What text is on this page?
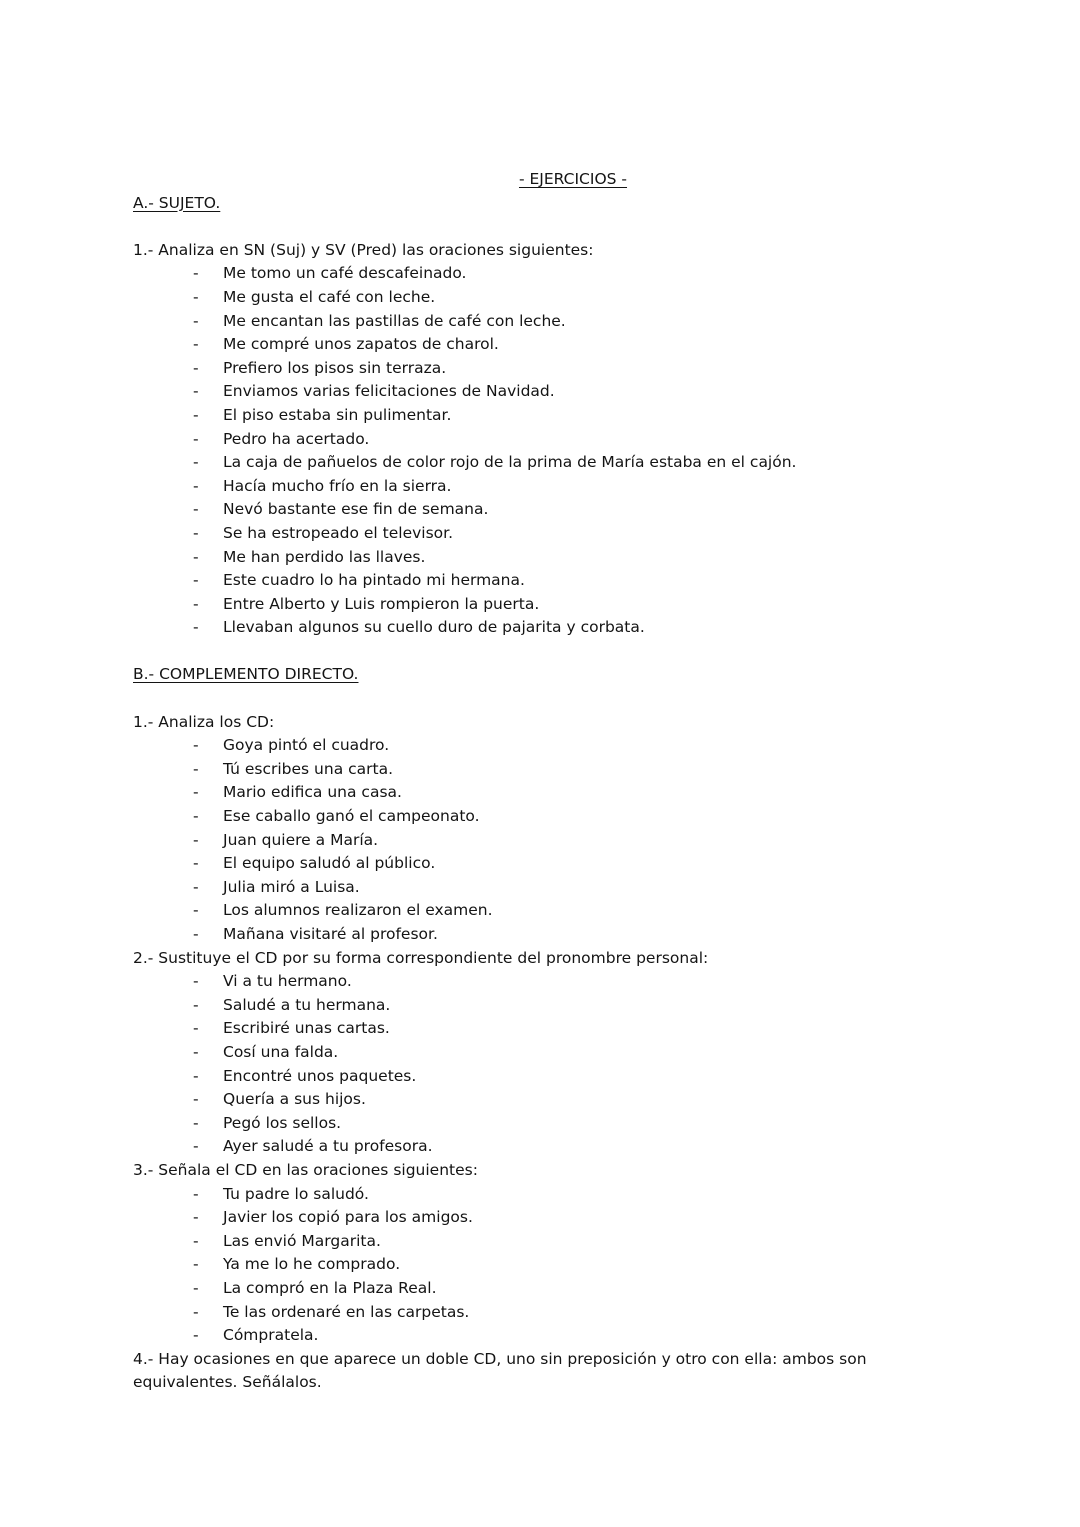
- EJERCICIOS -
A.- SUJETO.
1.- Analiza en SN (Suj) y SV (Pred) las oraciones siguientes:
- Me tomo un café descafeinado.
- Me gusta el café con leche.
- Me encantan las pastillas de café con leche.
- Me compré unos zapatos de charol.
- Prefiero los pisos sin terraza.
- Enviamos varias felicitaciones de Navidad.
- El piso estaba sin pulimentar.
- Pedro ha acertado.
- La caja de pañuelos de color rojo de la prima de María estaba en el cajón.
- Hacía mucho frío en la sierra.
- Nevó bastante ese fin de semana.
- Se ha estropeado el televisor.
- Me han perdido las llaves.
- Este cuadro lo ha pintado mi hermana.
- Entre Alberto y Luis rompieron la puerta.
- Llevaban algunos su cuello duro de pajarita y corbata.
B.- COMPLEMENTO DIRECTO.
1.- Analiza los CD:
- Goya pintó el cuadro.
- Tú escribes una carta.
- Mario edifica una casa.
- Ese caballo ganó el campeonato.
- Juan quiere a María.
- El equipo saludó al público.
- Julia miró a Luisa.
- Los alumnos realizaron el examen.
- Mañana visitaré al profesor.
2.- Sustituye el CD por su forma correspondiente del pronombre personal:
- Vi a tu hermano.
- Saludé a tu hermana.
- Escribiré unas cartas.
- Cosí una falda.
- Encontré unos paquetes.
- Quería a sus hijos.
- Pegó los sellos.
- Ayer saludé a tu profesora.
3.- Señala el CD en las oraciones siguientes:
- Tu padre lo saludó.
- Javier los copió para los amigos.
- Las envió Margarita.
- Ya me lo he comprado.
- La compró en la Plaza Real.
- Te las ordenaré en las carpetas.
- Cómpratela.
4.- Hay ocasiones en que aparece un doble CD, uno sin preposición y otro con ella: ambos son equivalentes. Señálalos.
